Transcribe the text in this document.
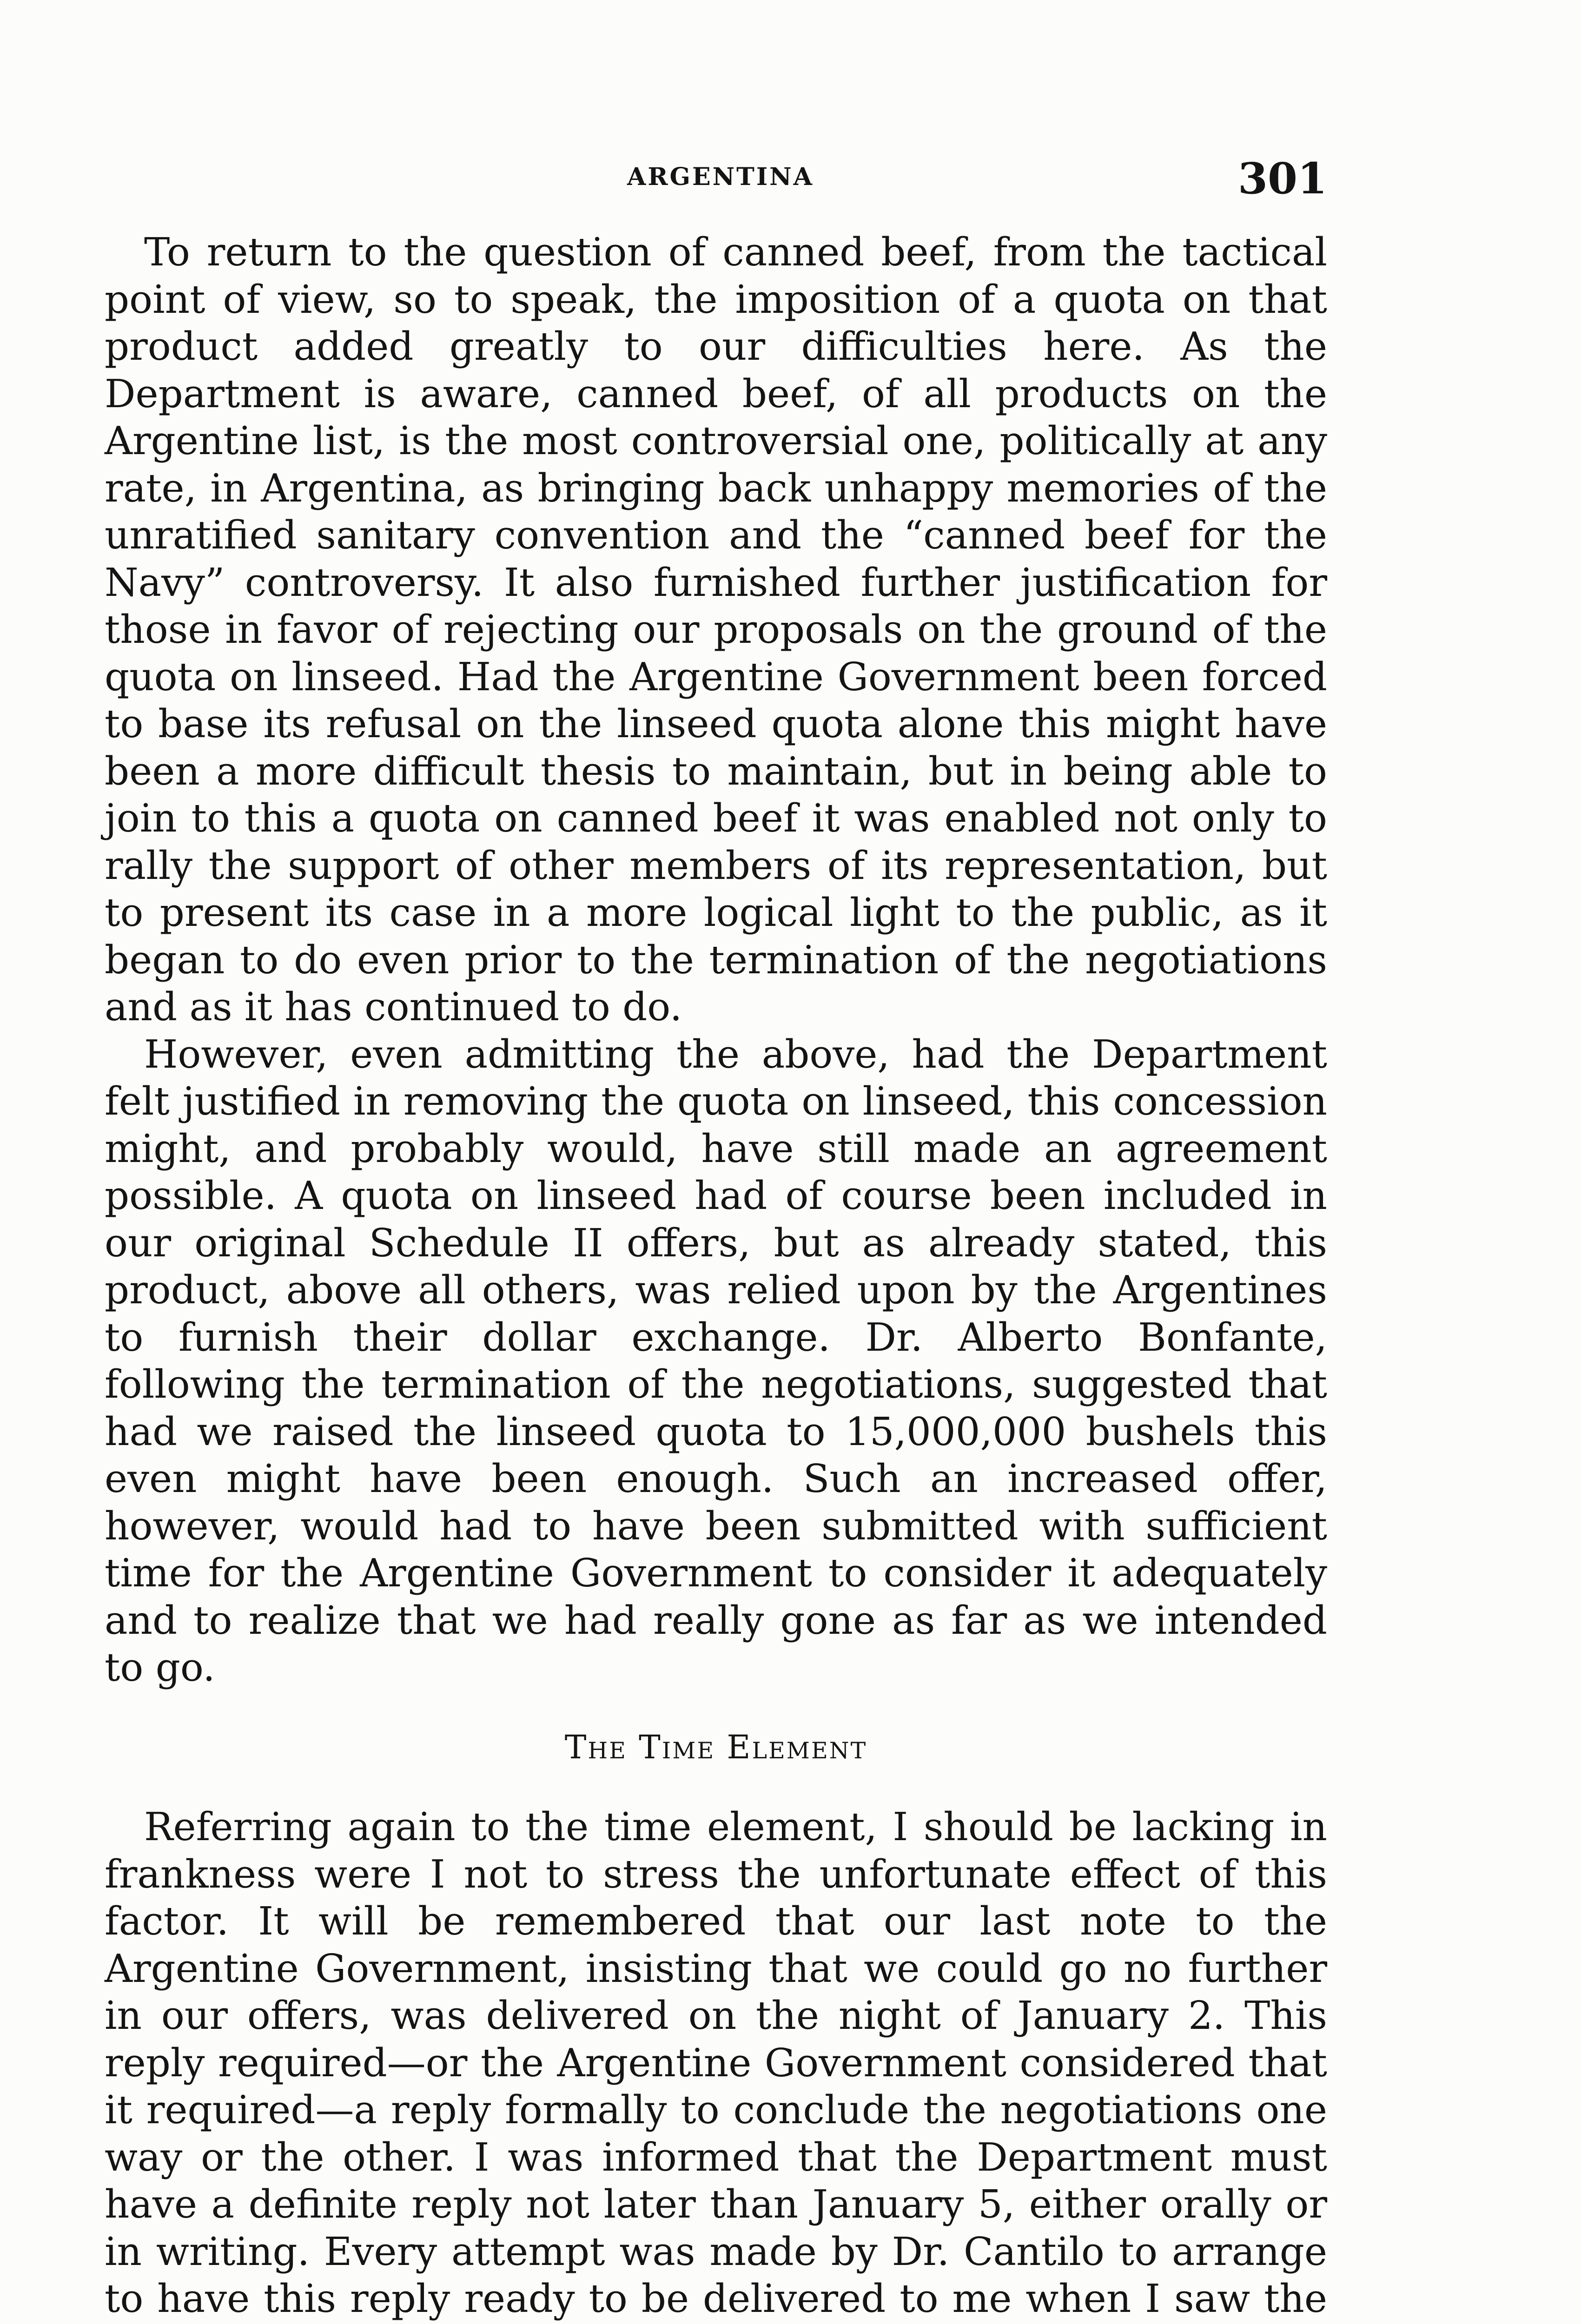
ARGENTINA	301

To return to the question of canned beef, from the tactical point of view, so to speak, the imposition of a quota on that product added greatly to our difficulties here. As the Department is aware, canned beef, of all products on the Argentine list, is the most controversial one, politically at any rate, in Argentina, as bringing back unhappy memories of the unratified sanitary convention and the “canned beef for the Navy” controversy. It also furnished further justification for those in favor of rejecting our proposals on the ground of the quota on linseed. Had the Argentine Government been forced to base its refusal on the linseed quota alone this might have been a more difficult thesis to maintain, but in being able to join to this a quota on canned beef it was enabled not only to rally the support of other members of its representation, but to present its case in a more logical light to the public, as it began to do even prior to the termination of the negotiations and as it has continued to do.

However, even admitting the above, had the Department felt justified in removing the quota on linseed, this concession might, and probably would, have still made an agreement possible. A quota on linseed had of course been included in our original Schedule II offers, but as already stated, this product, above all others, was relied upon by the Argentines to furnish their dollar exchange. Dr. Alberto Bonfante, following the termination of the negotiations, suggested that had we raised the linseed quota to 15,000,000 bushels this even might have been enough. Such an increased offer, however, would had to have been submitted with sufficient time for the Argentine Government to consider it adequately and to realize that we had really gone as far as we intended to go.

The Time Element

Referring again to the time element, I should be lacking in frankness were I not to stress the unfortunate effect of this factor. It will be remembered that our last note to the Argentine Government, insisting that we could go no further in our offers, was delivered on the night of January 2. This reply required—or the Argentine Government considered that it required—a reply formally to conclude the negotiations one way or the other. I was informed that the Department must have a definite reply not later than January 5, either orally or in writing. Every attempt was made by Dr. Cantilo to arrange to have this reply ready to be delivered to me when I saw the
